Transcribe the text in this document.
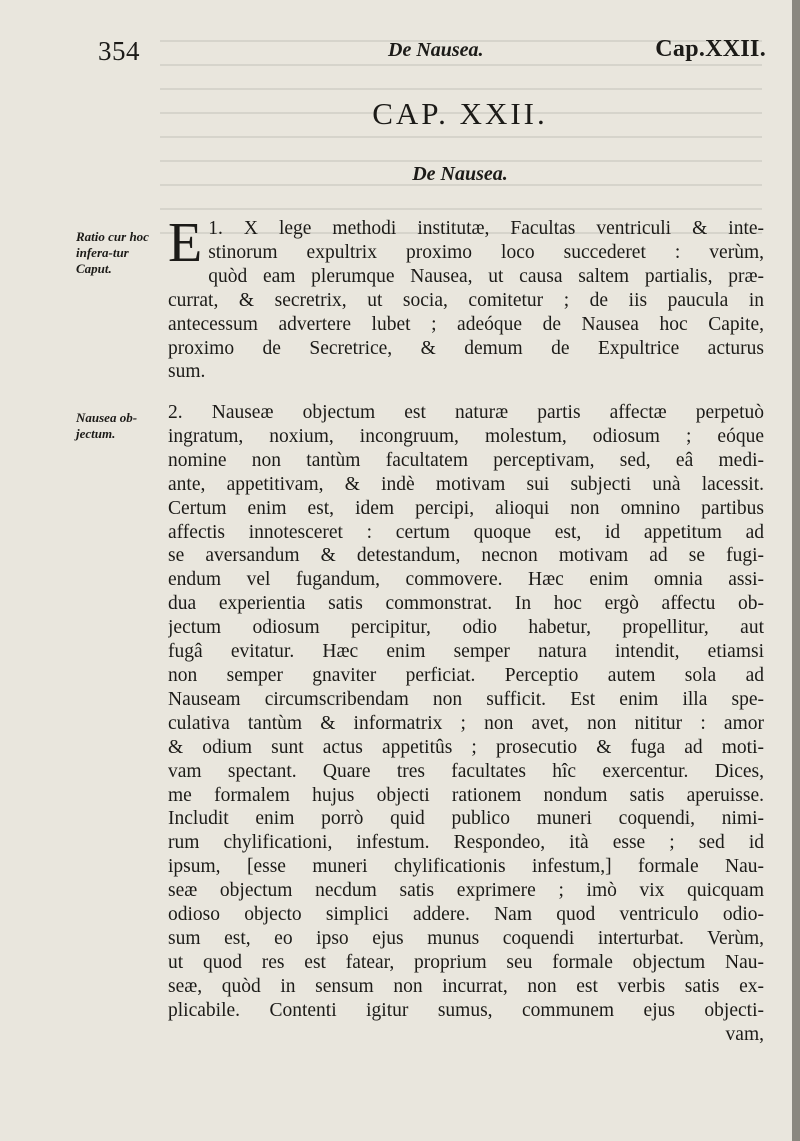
354	De Nausea.	Cap.XXII.
CAP. XXII.
De Nausea.

Ratio cur hoc infera-tur Caput.

Nausea ob-jectum.

E 1. X lege methodi institutæ, Facultas ventriculi & inte-
stinorum expultrix proximo loco succederet : verùm,
quòd eam plerumque Nausea, ut causa saltem partialis, præ-
currat, & secretrix, ut socia, comitetur ; de iis paucula in
antecessum advertere lubet ; adeóque de Nausea hoc Capite,
proximo de Secretrice, & demum de Expultrice acturus
sum.
2. Nauseæ objectum est naturæ partis affectæ perpetuò
ingratum, noxium, incongruum, molestum, odiosum ; eóque
nomine non tantùm facultatem perceptivam, sed, eâ medi-
ante, appetitivam, & indè motivam sui subjecti unà lacessit.
Certum enim est, idem percipi, alioqui non omnino partibus
affectis innotesceret : certum quoque est, id appetitum ad
se aversandum & detestandum, necnon motivam ad se fugi-
endum vel fugandum, commovere. Hæc enim omnia assi-
dua experientia satis commonstrat. In hoc ergò affectu ob-
jectum odiosum percipitur, odio habetur, propellitur, aut
fugâ evitatur. Hæc enim semper natura intendit, etiamsi
non semper gnaviter perficiat. Perceptio autem sola ad
Nauseam circumscribendam non sufficit. Est enim illa spe-
culativa tantùm & informatrix ; non avet, non nititur : amor
& odium sunt actus appetitûs ; prosecutio & fuga ad moti-
vam spectant. Quare tres facultates hîc exercentur. Dices,
me formalem hujus objecti rationem nondum satis aperuisse.
Includit enim porrò quid publico muneri coquendi, nimi-
rum chylificationi, infestum. Respondeo, ità esse ; sed id
ipsum, [esse muneri chylificationis infestum,] formale Nau-
seæ objectum necdum satis exprimere ; imò vix quicquam
odioso objecto simplici addere. Nam quod ventriculo odio-
sum est, eo ipso ejus munus coquendi interturbat. Verùm,
ut quod res est fatear, proprium seu formale objectum Nau-
seæ, quòd in sensum non incurrat, non est verbis satis ex-
plicabile. Contenti igitur sumus, communem ejus objecti-
vam,
